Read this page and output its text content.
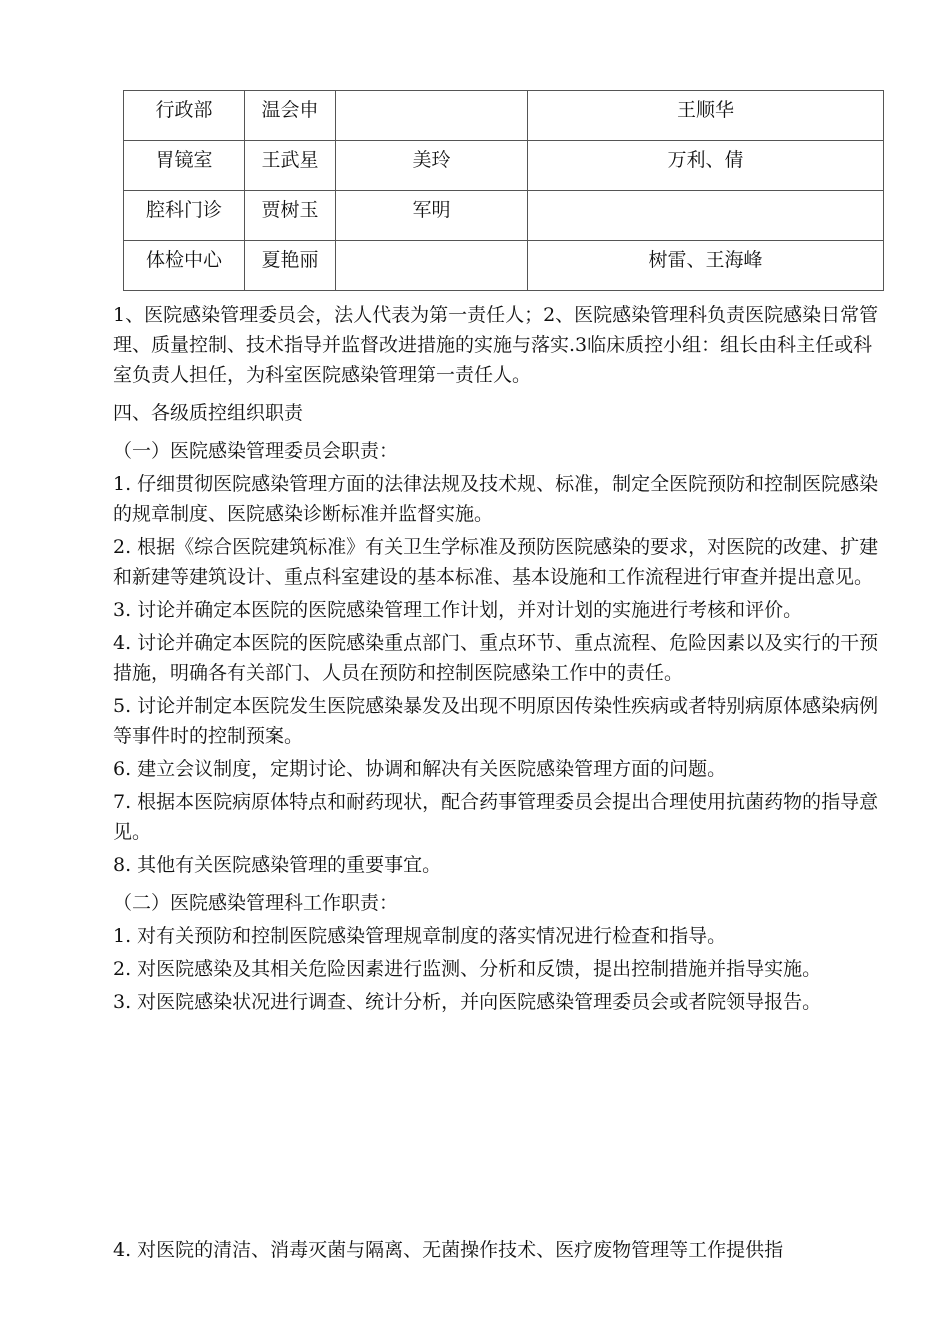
行政部	温会申		王顺华
胃镜室	王武星	美玲	万利、倩
腔科门诊	贾树玉	军明	
体检中心	夏艳丽		树雷、王海峰

1、医院感染管理委员会，法人代表为第一责任人；2、医院感染管理科负责医院感染日常管理、质量控制、技术指导并监督改进措施的实施与落实.3临床质控小组：组长由科主任或科室负责人担任，为科室医院感染管理第一责任人。

四、各级质控组织职责

（一）医院感染管理委员会职责：

1. 仔细贯彻医院感染管理方面的法律法规及技术规、标准，制定全医院预防和控制医院感染的规章制度、医院感染诊断标准并监督实施。

2. 根据《综合医院建筑标准》有关卫生学标准及预防医院感染的要求，对医院的改建、扩建和新建等建筑设计、重点科室建设的基本标准、基本设施和工作流程进行审查并提出意见。

3. 讨论并确定本医院的医院感染管理工作计划，并对计划的实施进行考核和评价。

4. 讨论并确定本医院的医院感染重点部门、重点环节、重点流程、危险因素以及实行的干预措施，明确各有关部门、人员在预防和控制医院感染工作中的责任。

5. 讨论并制定本医院发生医院感染暴发及出现不明原因传染性疾病或者特别病原体感染病例等事件时的控制预案。

6. 建立会议制度，定期讨论、协调和解决有关医院感染管理方面的问题。

7. 根据本医院病原体特点和耐药现状，配合药事管理委员会提出合理使用抗菌药物的指导意见。

8. 其他有关医院感染管理的重要事宜。

（二）医院感染管理科工作职责：

1. 对有关预防和控制医院感染管理规章制度的落实情况进行检查和指导。

2. 对医院感染及其相关危险因素进行监测、分析和反馈，提出控制措施并指导实施。

3. 对医院感染状况进行调查、统计分析，并向医院感染管理委员会或者院领导报告。

4. 对医院的清洁、消毒灭菌与隔离、无菌操作技术、医疗废物管理等工作提供指
